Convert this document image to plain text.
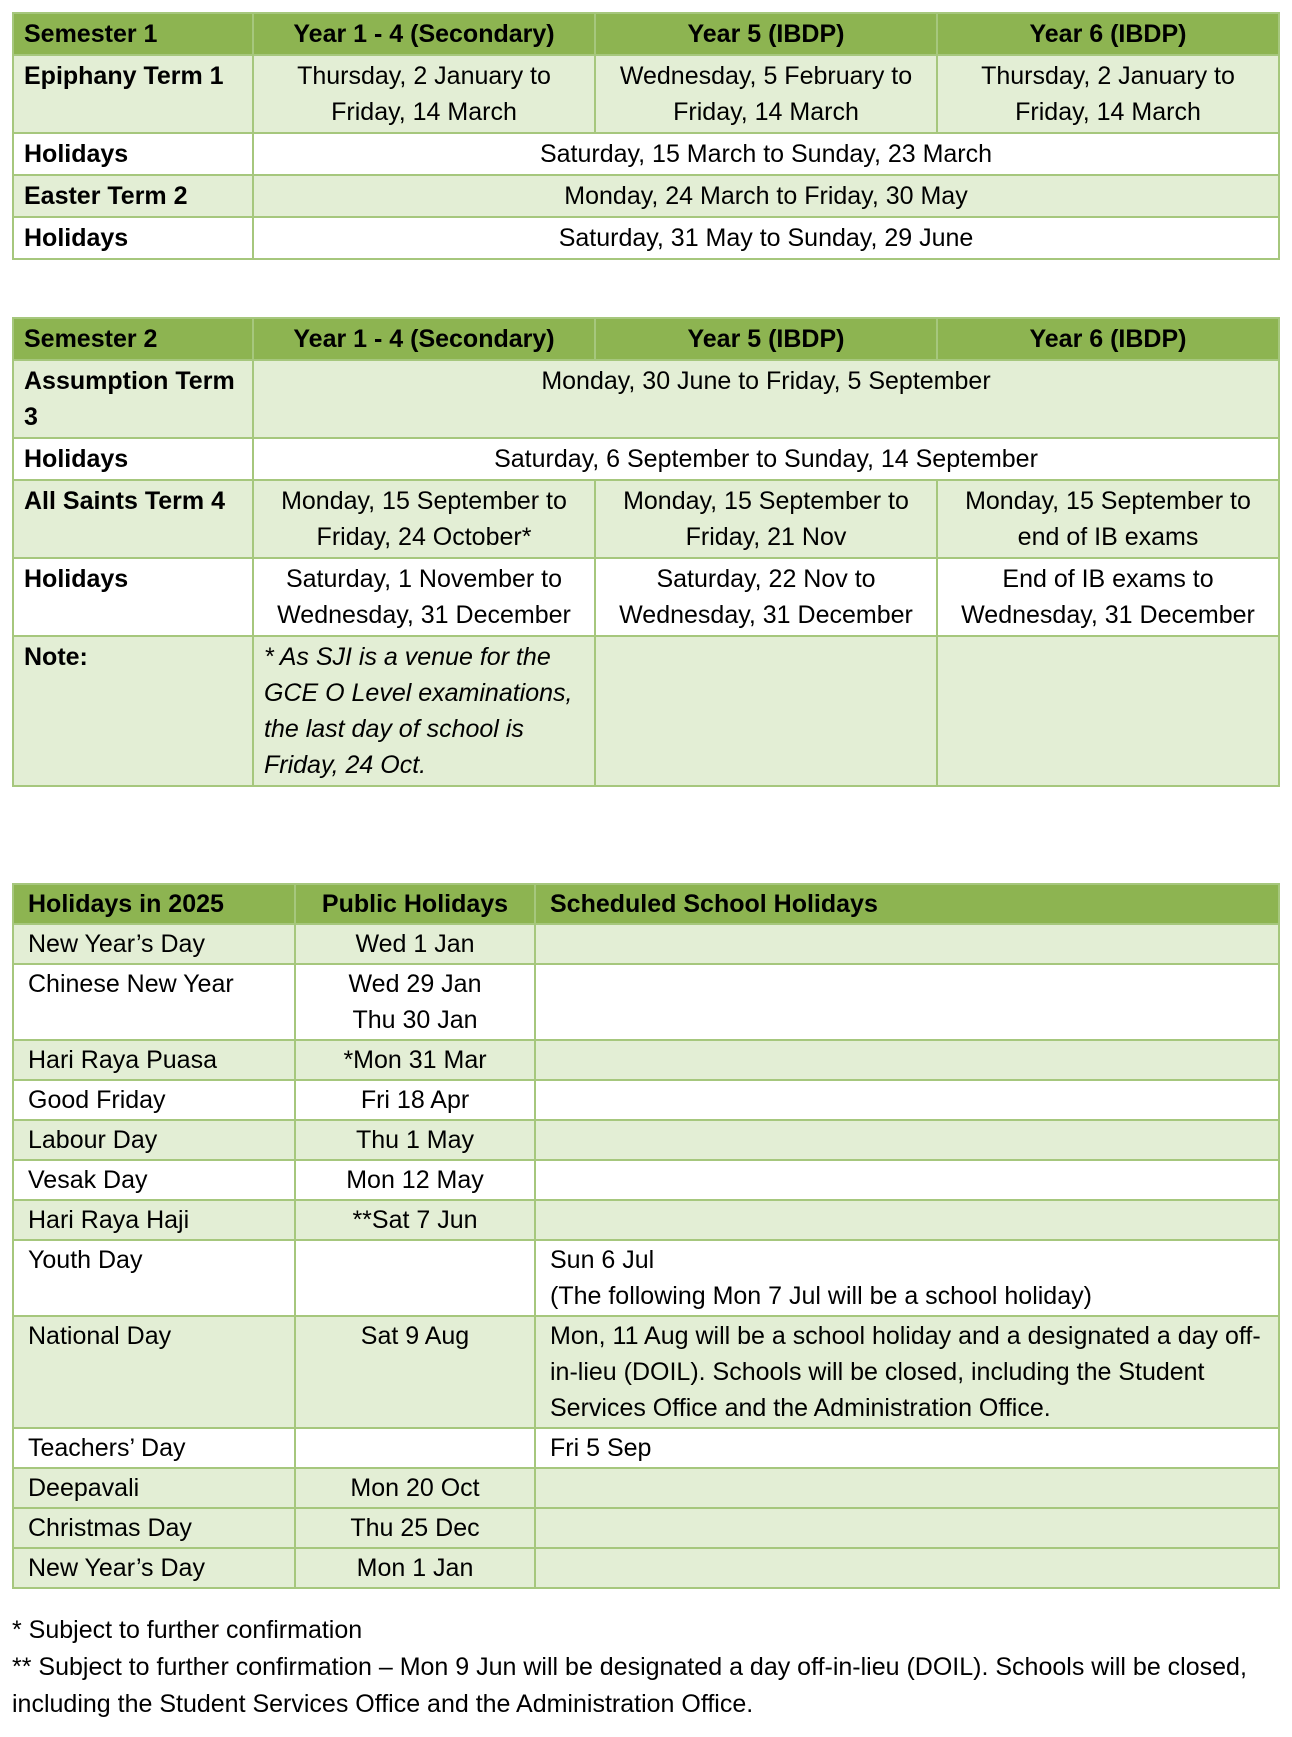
Semester 1	Year 1 - 4 (Secondary)	Year 5 (IBDP)	Year 6 (IBDP)
Epiphany Term 1	Thursday, 2 January to Friday, 14 March	Wednesday, 5 February to Friday, 14 March	Thursday, 2 January to Friday, 14 March
Holidays	Saturday, 15 March to Sunday, 23 March		
Easter Term 2	Monday, 24 March to Friday, 30 May		
Holidays	Saturday, 31 May to Sunday, 29 June		
Semester 2	Year 1 - 4 (Secondary)	Year 5 (IBDP)	Year 6 (IBDP)
Assumption Term 3	Monday, 30 June to Friday, 5 September		
Holidays	Saturday, 6 September to Sunday, 14 September		
All Saints Term 4	Monday, 15 September to Friday, 24 October*	Monday, 15 September to Friday, 21 Nov	Monday, 15 September to end of IB exams
Holidays	Saturday, 1 November to Wednesday, 31 December	Saturday, 22 Nov to Wednesday, 31 December	End of IB exams to Wednesday, 31 December
Note:	* As SJI is a venue for the GCE O Level examinations, the last day of school is Friday, 24 Oct.		
Holidays in 2025	Public Holidays	Scheduled School Holidays
New Year’s Day	Wed 1 Jan	
Chinese New Year	Wed 29 Jan
Thu 30 Jan	

Hari Raya Puasa	*Mon 31 Mar	
Good Friday	Fri 18 Apr	
Labour Day	Thu 1 May	
Vesak Day	Mon 12 May	
Hari Raya Haji	**Sat 7 Jun	
Youth Day		Sun 6 Jul
(The following Mon 7 Jul will be a school holiday)

National Day	Sat 9 Aug	Mon, 11 Aug will be a school holiday and a designated a day off-in-lieu (DOIL). Schools will be closed, including the Student Services Office and the Administration Office.
Teachers’ Day		Fri 5 Sep
Deepavali	Mon 20 Oct	
Christmas Day	Thu 25 Dec	
New Year’s Day	Mon 1 Jan	
* Subject to further confirmation
** Subject to further confirmation – Mon 9 Jun will be designated a day off-in-lieu (DOIL). Schools will be closed, including the Student Services Office and the Administration Office.
